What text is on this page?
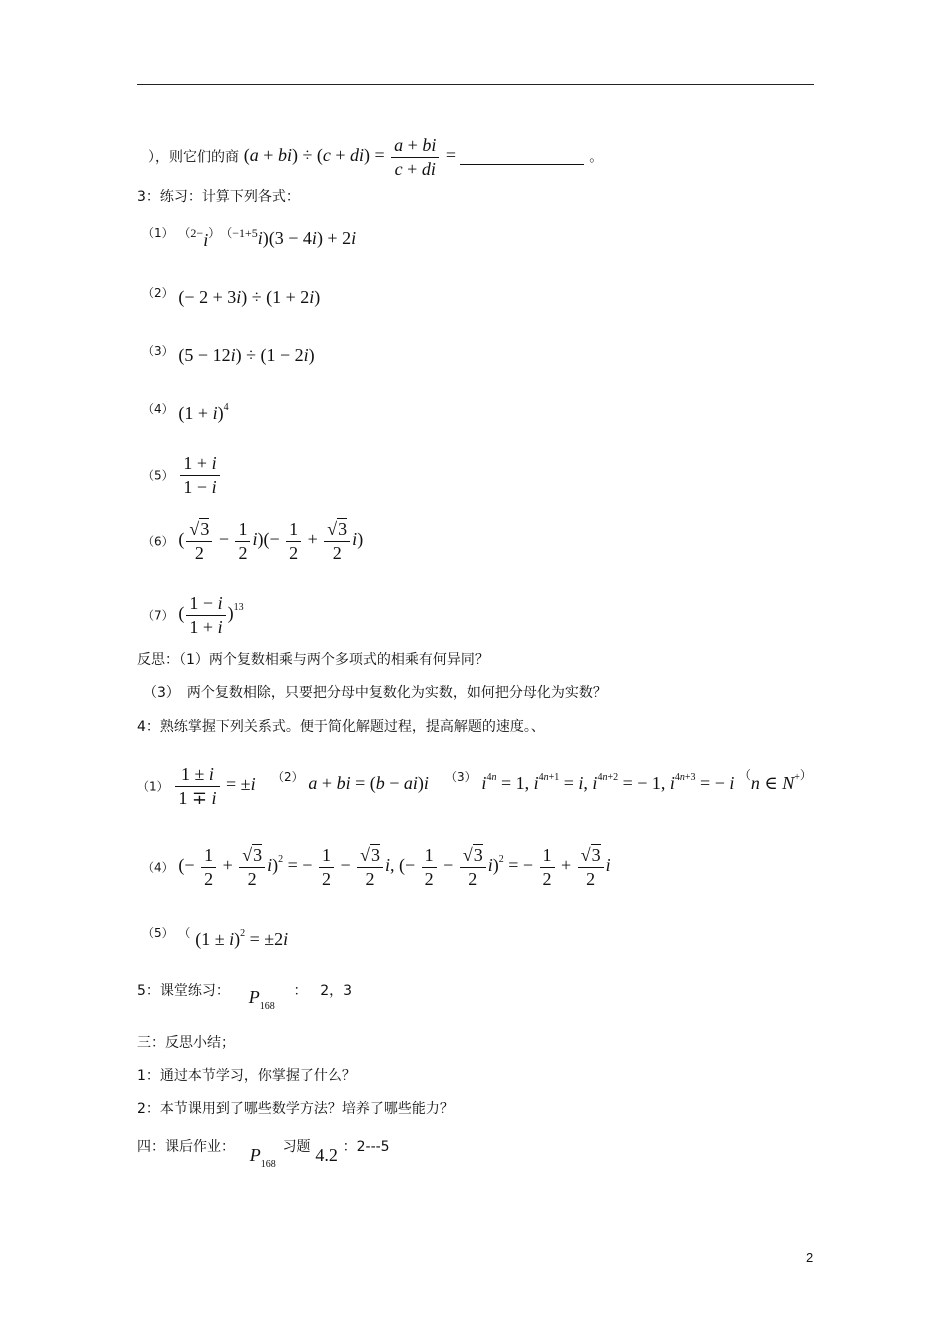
），则它们的商 $(a + bi) \div (c + di) = \frac{a + bi}{c + di}$ =	。
3：练习：计算下列各式：
（1） （2−i）　（−1+5i)(3 − 4i) + 2i
（2） (− 2 + 3i) ÷ (1 + 2i)
（3） (5 − 12i) ÷ (1 − 2i)
（4） $(1 + i)^4$
$(5) \frac{1 + i}{1 - i}$
（6） ( $\frac{√3}{2} - \frac{1}{2} i)(- \frac{1}{2} + \frac{√3}{2} i)$
（7） ( $\frac{1 - i}{1 + i} )^{13}$
反思：（1）两个复数相乘与两个多项式的相乘有何异同？
（3）　两个复数相除，只要把分母中复数化为实数，如何把分母化为实数？
4：熟练掌握下列关系式。便于简化解题过程，提高解题的速度。、
$(1) \frac{1 \pm i}{1 \mp i} = \pm i$ （2） a + bi = (b − ai)i （3） $i^{4n} = 1$, $i^{4n+1} = i$, $i^{4n+2}$ = − 1, $i^{4n+3}$ = − i （n ∈ N+）
（4） (− $\frac{1}{2} + \frac{√3}{2} i)^2$ = − $\frac{1}{2} - \frac{√3}{2} i$, (− $\frac{1}{2} - \frac{√3}{2} i)^2$ = − $\frac{1}{2} + \frac{√3}{2}$ i
（5） （ $(1 \pm i)^2 = \pm 2i$
5：课堂练习： $P_{168}$ ： 2，3
三：反思小结；
1：通过本节学习，你掌握了什么？
2：本节课用到了哪些数学方法？培养了哪些能力？
四：课后作业： $P_{168}$ 习题 4.2 ：2---5
2
